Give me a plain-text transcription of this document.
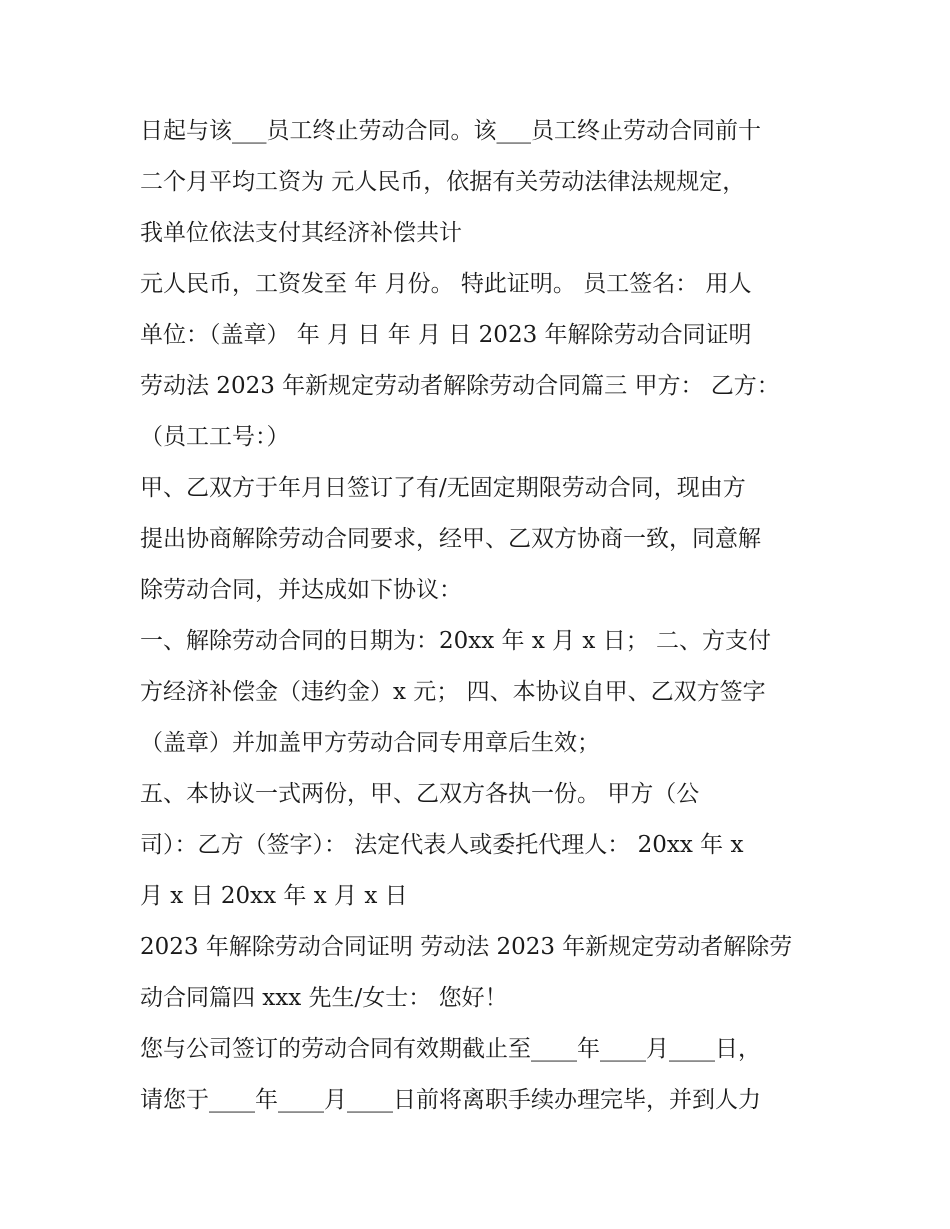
日起与该___员工终止劳动合同。该___员工终止劳动合同前十
二个月平均工资为 元人民币，依据有关劳动法律法规规定，
我单位依法支付其经济补偿共计
元人民币，工资发至 年 月份。 特此证明。 员工签名： 用人
单位：（盖章） 年 月 日 年 月 日 2023 年解除劳动合同证明
劳动法 2023 年新规定劳动者解除劳动合同篇三 甲方： 乙方：
（员工工号：）
甲、乙双方于年月日签订了有/无固定期限劳动合同，现由方
提出协商解除劳动合同要求，经甲、乙双方协商一致，同意解
除劳动合同，并达成如下协议：
一、解除劳动合同的日期为：20xx 年 x 月 x 日； 二、方支付
方经济补偿金（违约金）x 元； 四、本协议自甲、乙双方签字
（盖章）并加盖甲方劳动合同专用章后生效；
五、本协议一式两份，甲、乙双方各执一份。 甲方（公
司）：乙方（签字）： 法定代表人或委托代理人： 20xx 年 x
月 x 日 20xx 年 x 月 x 日
2023 年解除劳动合同证明 劳动法 2023 年新规定劳动者解除劳
动合同篇四 xxx 先生/女士： 您好！
您与公司签订的劳动合同有效期截止至____年____月____日，
请您于____年____月____日前将离职手续办理完毕，并到人力
